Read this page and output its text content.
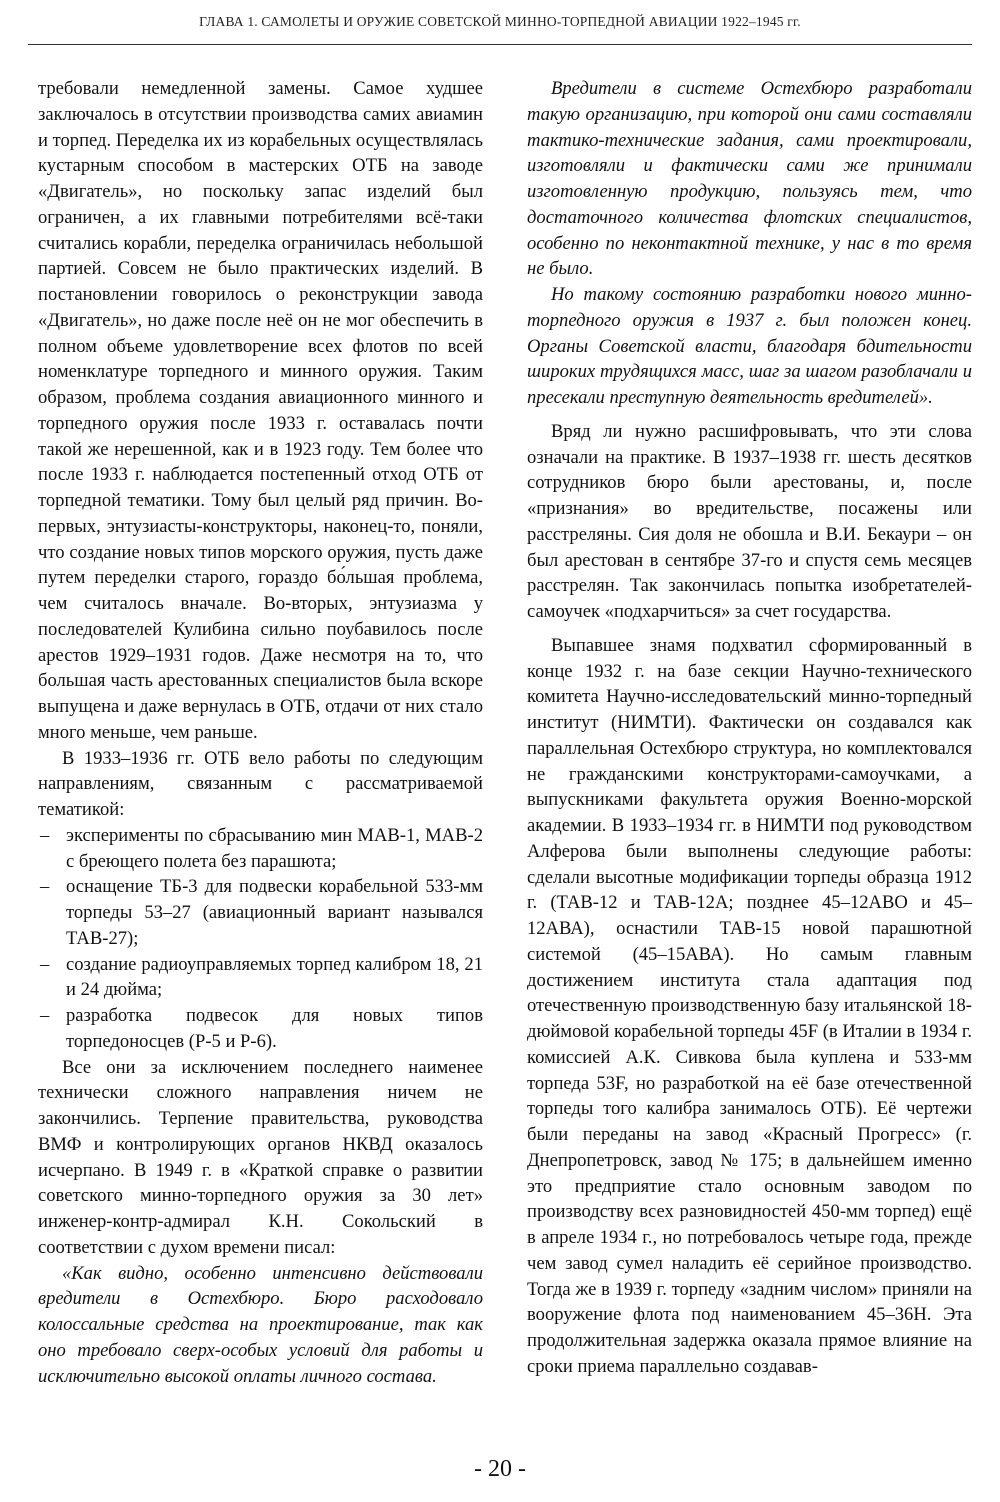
ГЛАВА 1. САМОЛЕТЫ И ОРУЖИЕ СОВЕТСКОЙ МИННО-ТОРПЕДНОЙ АВИАЦИИ 1922–1945 гг.

требовали немедленной замены. Самое худшее заключалось в отсутствии производства самих авиамин и торпед. Переделка их из корабельных осуществлялась кустарным способом в мастерских ОТБ на заводе «Двигатель», но поскольку запас изделий был ограничен, а их главными потребителями всё-таки считались корабли, переделка ограничилась небольшой партией. Совсем не было практических изделий. В постановлении говорилось о реконструкции завода «Двигатель», но даже после неё он не мог обеспечить в полном объеме удовлетворение всех флотов по всей номенклатуре торпедного и минного оружия. Таким образом, проблема создания авиационного минного и торпедного оружия после 1933 г. оставалась почти такой же нерешенной, как и в 1923 году. Тем более что после 1933 г. наблюдается постепенный отход ОТБ от торпедной тематики. Тому был целый ряд причин. Во-первых, энтузиасты-конструкторы, наконец-то, поняли, что создание новых типов морского оружия, пусть даже путем переделки старого, гораздо бо́льшая проблема, чем считалось вначале. Во-вторых, энтузиазма у последователей Кулибина сильно поубавилось после арестов 1929–1931 годов. Даже несмотря на то, что большая часть арестованных специалистов была вскоре выпущена и даже вернулась в ОТБ, отдачи от них стало много меньше, чем раньше.

В 1933–1936 гг. ОТБ вело работы по следующим направлениям, связанным с рассматриваемой тематикой:

– эксперименты по сбрасыванию мин МАВ-1, МАВ-2 с бреющего полета без парашюта;
– оснащение ТБ-3 для подвески корабельной 533-мм торпеды 53–27 (авиационный вариант назывался ТАВ-27);
– создание радиоуправляемых торпед калибром 18, 21 и 24 дюйма;
– разработка подвесок для новых типов торпедоносцев (Р-5 и Р-6).

Все они за исключением последнего наименее технически сложного направления ничем не закончились. Терпение правительства, руководства ВМФ и контролирующих органов НКВД оказалось исчерпано. В 1949 г. в «Краткой справке о развитии советского минно-торпедного оружия за 30 лет» инженер-контр-адмирал К.Н. Сокольский в соответствии с духом времени писал:

«Как видно, особенно интенсивно действовали вредители в Остехбюро. Бюро расходовало колоссальные средства на проектирование, так как оно требовало сверх-особых условий для работы и исключительно высокой оплаты личного состава.

Вредители в системе Остехбюро разработали такую организацию, при которой они сами составляли тактико-технические задания, сами проектировали, изготовляли и фактически сами же принимали изготовленную продукцию, пользуясь тем, что достаточного количества флотских специалистов, особенно по неконтактной технике, у нас в то время не было.

Но такому состоянию разработки нового минно-торпедного оружия в 1937 г. был положен конец. Органы Советской власти, благодаря бдительности широких трудящихся масс, шаг за шагом разоблачали и пресекали преступную деятельность вредителей».

Вряд ли нужно расшифровывать, что эти слова означали на практике. В 1937–1938 гг. шесть десятков сотрудников бюро были арестованы, и, после «признания» во вредительстве, посажены или расстреляны. Сия доля не обошла и В.И. Бекаури – он был арестован в сентябре 37-го и спустя семь месяцев расстрелян. Так закончилась попытка изобретателей-самоучек «подхарчиться» за счет государства.

Выпавшее знамя подхватил сформированный в конце 1932 г. на базе секции Научно-технического комитета Научно-исследовательский минно-торпедный институт (НИМТИ). Фактически он создавался как параллельная Остехбюро структура, но комплектовался не гражданскими конструкторами-самоучками, а выпускниками факультета оружия Военно-морской академии. В 1933–1934 гг. в НИМТИ под руководством Алферова были выполнены следующие работы: сделали высотные модификации торпеды образца 1912 г. (ТАВ-12 и ТАВ-12А; позднее 45–12АВО и 45–12АВА), оснастили ТАВ-15 новой парашютной системой (45–15АВА). Но самым главным достижением института стала адаптация под отечественную производственную базу итальянской 18-дюймовой корабельной торпеды 45F (в Италии в 1934 г. комиссией А.К. Сивкова была куплена и 533-мм торпеда 53F, но разработкой на её базе отечественной торпеды того калибра занималось ОТБ). Её чертежи были переданы на завод «Красный Прогресс» (г. Днепропетровск, завод № 175; в дальнейшем именно это предприятие стало основным заводом по производству всех разновидностей 450-мм торпед) ещё в апреле 1934 г., но потребовалось четыре года, прежде чем завод сумел наладить её серийное производство. Тогда же в 1939 г. торпеду «задним числом» приняли на вооружение флота под наименованием 45–36Н. Эта продолжительная задержка оказала прямое влияние на сроки приема параллельно создавав-

- 20 -
